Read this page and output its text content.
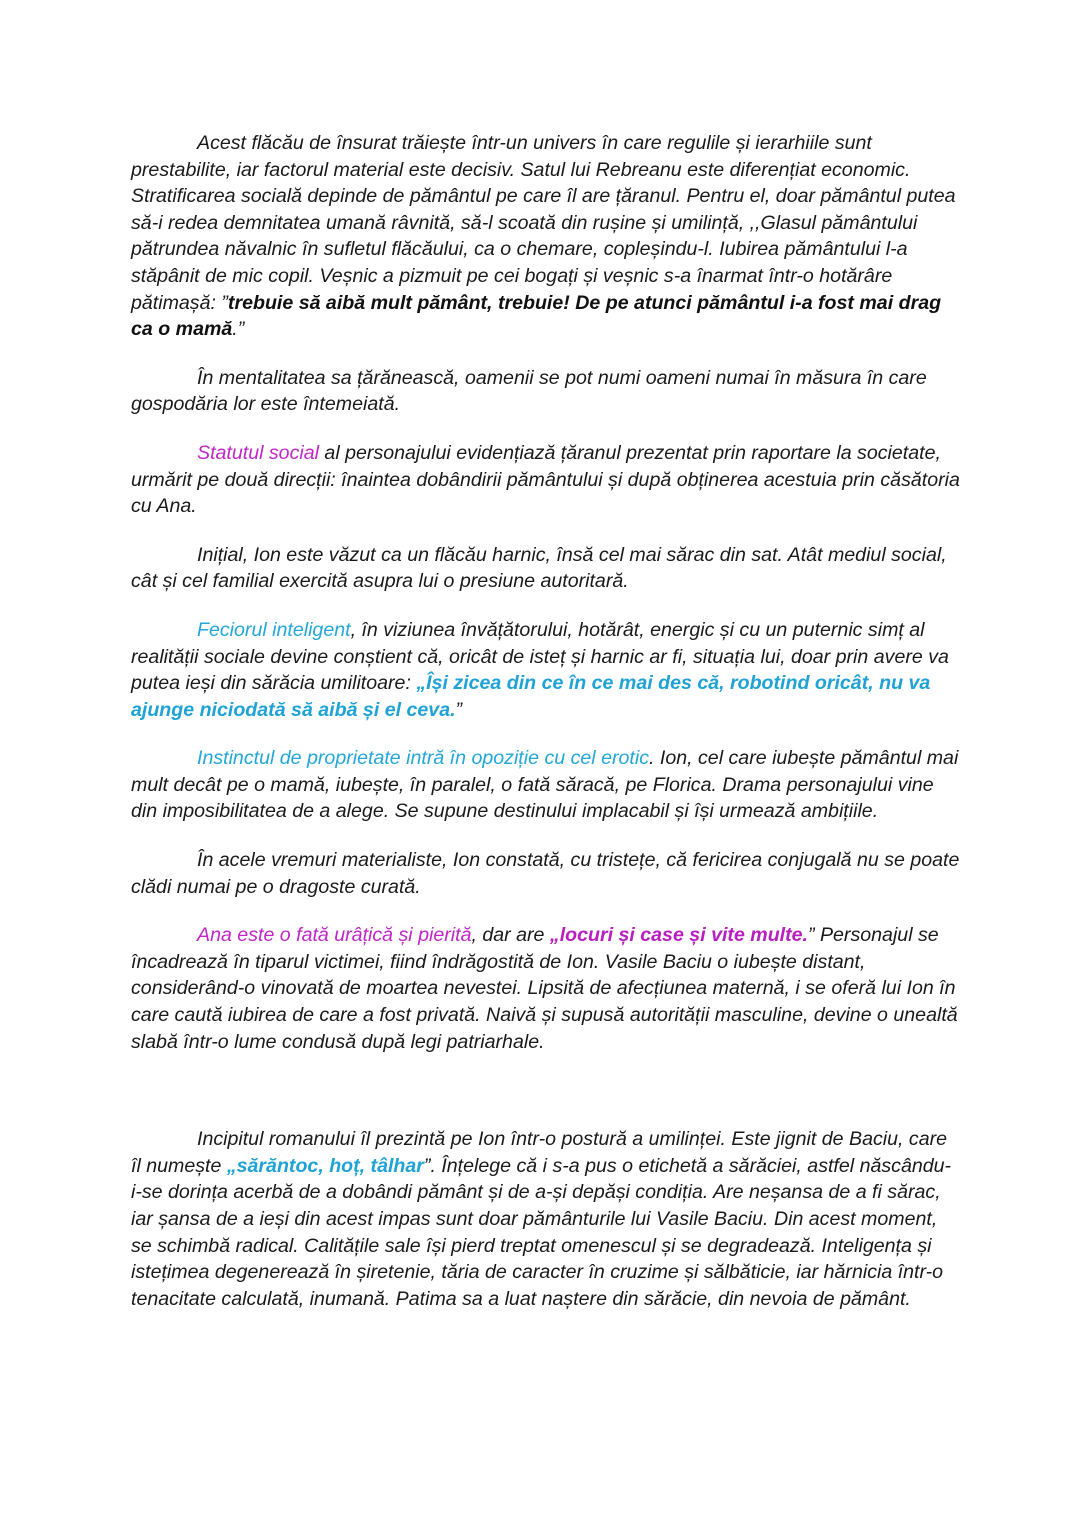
Acest flăcău de însurat trăiește într-un univers în care regulile și ierarhiile sunt prestabilite, iar factorul material este decisiv. Satul lui Rebreanu este diferențiat economic. Stratificarea socială depinde de pământul pe care îl are țăranul. Pentru el, doar pământul putea să-i redea demnitatea umană râvnită, să-l scoată din rușine și umilință, ,,Glasul pământului pătrundea năvalnic în sufletul flăcăului, ca o chemare, copleșindu-l. Iubirea pământului l-a stăpânit de mic copil. Veșnic a pizmuit pe cei bogați și veșnic s-a înarmat într-o hotărâre pătimașă: ”trebuie să aibă mult pământ, trebuie! De pe atunci pământul i-a fost mai drag ca o mamă.”

În mentalitatea sa țărănească, oamenii se pot numi oameni numai în măsura în care gospodăria lor este întemeiată.

Statutul social al personajului evidențiază țăranul prezentat prin raportare la societate, urmărit pe două direcții: înaintea dobândirii pământului și după obținerea acestuia prin căsătoria cu Ana.

Inițial, Ion este văzut ca un flăcău harnic, însă cel mai sărac din sat. Atât mediul social, cât și cel familial exercită asupra lui o presiune autoritară.

Feciorul inteligent, în viziunea învățătorului, hotărât, energic și cu un puternic simț al realității sociale devine conștient că, oricât de isteț și harnic ar fi, situația lui, doar prin avere va putea ieși din sărăcia umilitoare: „Își zicea din ce în ce mai des că, robotind oricât, nu va ajunge niciodată să aibă și el ceva.”

Instinctul de proprietate intră în opoziție cu cel erotic. Ion, cel care iubește pământul mai mult decât pe o mamă, iubește, în paralel, o fată săracă, pe Florica. Drama personajului vine din imposibilitatea de a alege. Se supune destinului implacabil și își urmează ambițiile.

În acele vremuri materialiste, Ion constată, cu tristețe, că fericirea conjugală nu se poate clădi numai pe o dragoste curată.

Ana este o fată urâțică și pierită, dar are „locuri și case și vite multe.” Personajul se încadrează în tiparul victimei, fiind îndrăgostită de Ion. Vasile Baciu o iubește distant, considerând-o vinovată de moartea nevestei. Lipsită de afecțiunea maternă, i se oferă lui Ion în care caută iubirea de care a fost privată. Naivă și supusă autorității masculine, devine o unealtă slabă într-o lume condusă după legi patriarhale.

Incipitul romanului îl prezintă pe Ion într-o postură a umilinței. Este jignit de Baciu, care îl numește „sărăntoc, hoț, tâlhar”. Înțelege că i s-a pus o etichetă a sărăciei, astfel născându-i-se dorința acerbă de a dobândi pământ și de a-și depăși condiția. Are neșansa de a fi sărac, iar șansa de a ieși din acest impas sunt doar pământurile lui Vasile Baciu. Din acest moment, se schimbă radical. Calitățile sale își pierd treptat omenescul și se degradează. Inteligența și istețimea degenerează în șiretenie, tăria de caracter în cruzime și sălbăticie, iar hărnicia într-o tenacitate calculată, inumană. Patima sa a luat naștere din sărăcie, din nevoia de pământ.
